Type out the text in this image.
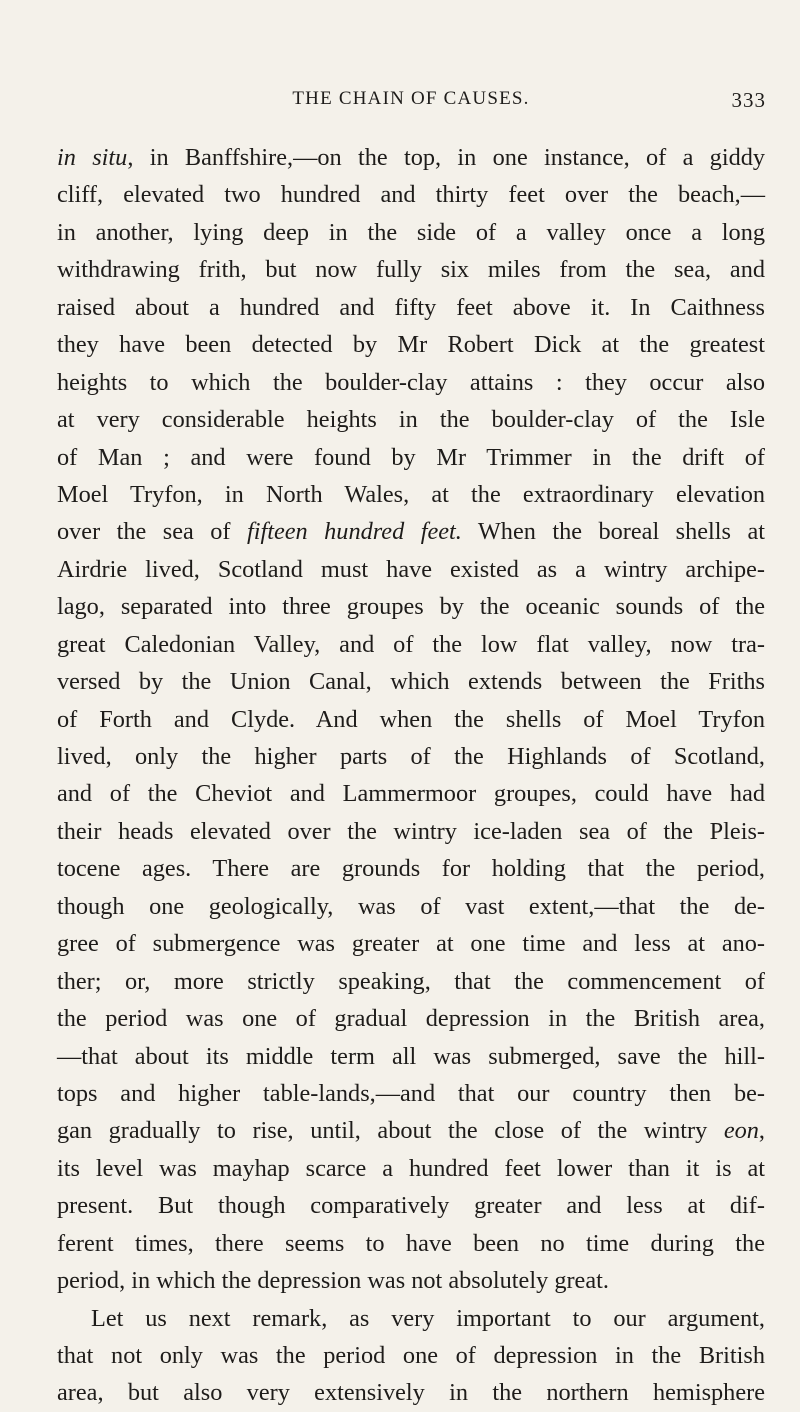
THE CHAIN OF CAUSES.	333
in situ, in Banffshire,—on the top, in one instance, of a giddy
cliff, elevated two hundred and thirty feet over the beach,—
in another, lying deep in the side of a valley once a long
withdrawing frith, but now fully six miles from the sea, and
raised about a hundred and fifty feet above it. In Caithness
they have been detected by Mr Robert Dick at the greatest
heights to which the boulder-clay attains : they occur also
at very considerable heights in the boulder-clay of the Isle
of Man ; and were found by Mr Trimmer in the drift of
Moel Tryfon, in North Wales, at the extraordinary elevation
over the sea of fifteen hundred feet. When the boreal shells at
Airdrie lived, Scotland must have existed as a wintry archipe-
lago, separated into three groupes by the oceanic sounds of the
great Caledonian Valley, and of the low flat valley, now tra-
versed by the Union Canal, which extends between the Friths
of Forth and Clyde. And when the shells of Moel Tryfon
lived, only the higher parts of the Highlands of Scotland,
and of the Cheviot and Lammermoor groupes, could have had
their heads elevated over the wintry ice-laden sea of the Pleis-
tocene ages. There are grounds for holding that the period,
though one geologically, was of vast extent,—that the de-
gree of submergence was greater at one time and less at ano-
ther; or, more strictly speaking, that the commencement of
the period was one of gradual depression in the British area,
—that about its middle term all was submerged, save the hill-
tops and higher table-lands,—and that our country then be-
gan gradually to rise, until, about the close of the wintry eon,
its level was mayhap scarce a hundred feet lower than it is at
present. But though comparatively greater and less at dif-
ferent times, there seems to have been no time during the
period, in which the depression was not absolutely great.
Let us next remark, as very important to our argument,
that not only was the period one of depression in the British
area, but also very extensively in the northern hemisphere
